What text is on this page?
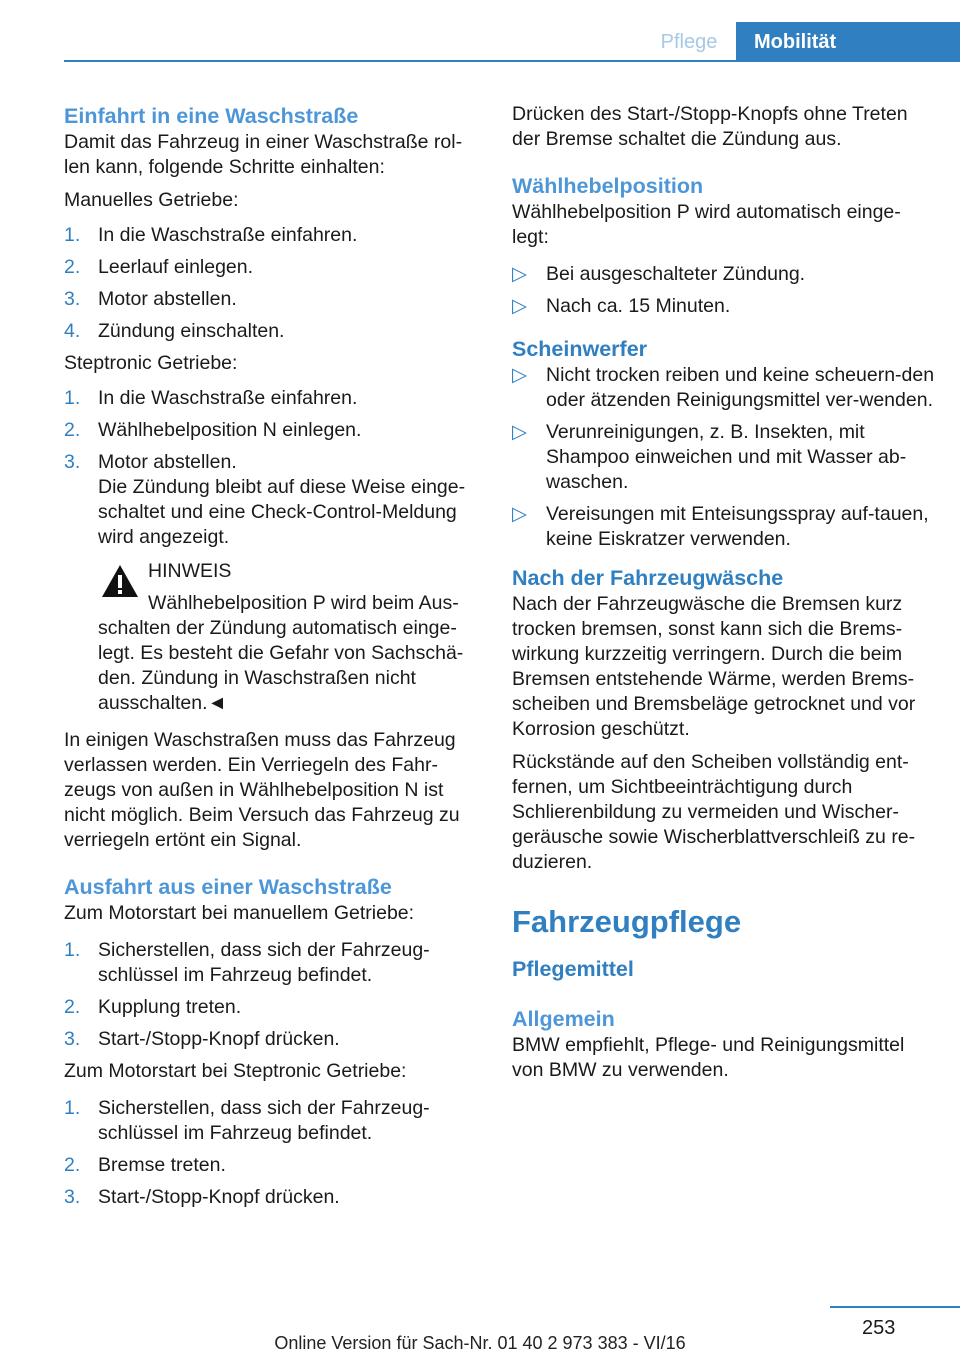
Pflege	Mobilität
Einfahrt in eine Waschstraße

Damit das Fahrzeug in einer Waschstraße rol-len kann, folgende Schritte einhalten:

Manuelles Getriebe:

1. In die Waschstraße einfahren.
2. Leerlauf einlegen.
3. Motor abstellen.
4. Zündung einschalten.

Steptronic Getriebe:

1. In die Waschstraße einfahren.
2. Wählhebelposition N einlegen.
3. Motor abstellen.
Die Zündung bleibt auf diese Weise einge-schaltet und eine Check-Control-Meldung wird angezeigt.

HINWEIS

Wählhebelposition P wird beim Aus-schalten der Zündung automatisch einge-legt. Es besteht die Gefahr von Sachschä-den. Zündung in Waschstraßen nicht ausschalten.◄

In einigen Waschstraßen muss das Fahrzeug verlassen werden. Ein Verriegeln des Fahr-zeugs von außen in Wählhebelposition N ist nicht möglich. Beim Versuch das Fahrzeug zu verriegeln ertönt ein Signal.

Ausfahrt aus einer Waschstraße

Zum Motorstart bei manuellem Getriebe:

1. Sicherstellen, dass sich der Fahrzeug-schlüssel im Fahrzeug befindet.
2. Kupplung treten.
3. Start-/Stopp-Knopf drücken.

Zum Motorstart bei Steptronic Getriebe:

1. Sicherstellen, dass sich der Fahrzeug-schlüssel im Fahrzeug befindet.
2. Bremse treten.
3. Start-/Stopp-Knopf drücken.

Drücken des Start-/Stopp-Knopfs ohne Treten der Bremse schaltet die Zündung aus.

Wählhebelposition

Wählhebelposition P wird automatisch einge-legt:

▷ Bei ausgeschalteter Zündung.
▷ Nach ca. 15 Minuten.
Scheinwerfer
▷ Nicht trocken reiben und keine scheuern-den oder ätzenden Reinigungsmittel ver-wenden.
▷ Verunreinigungen, z. B. Insekten, mit Shampoo einweichen und mit Wasser ab-waschen.
▷ Vereisungen mit Enteisungsspray auf-tauen, keine Eiskratzer verwenden.
Nach der Fahrzeugwäsche

Nach der Fahrzeugwäsche die Bremsen kurz trocken bremsen, sonst kann sich die Brems-wirkung kurzzeitig verringern. Durch die beim Bremsen entstehende Wärme, werden Brems-scheiben und Bremsbeläge getrocknet und vor Korrosion geschützt.

Rückstände auf den Scheiben vollständig ent-fernen, um Sichtbeeinträchtigung durch Schlierenbildung zu vermeiden und Wischer-geräusche sowie Wischerblattverschleiß zu re-duzieren.

Fahrzeugpflege
Pflegemittel
Allgemein

BMW empfiehlt, Pflege- und Reinigungsmittel von BMW zu verwenden.

253
Online Version für Sach-Nr. 01 40 2 973 383 - VI/16
